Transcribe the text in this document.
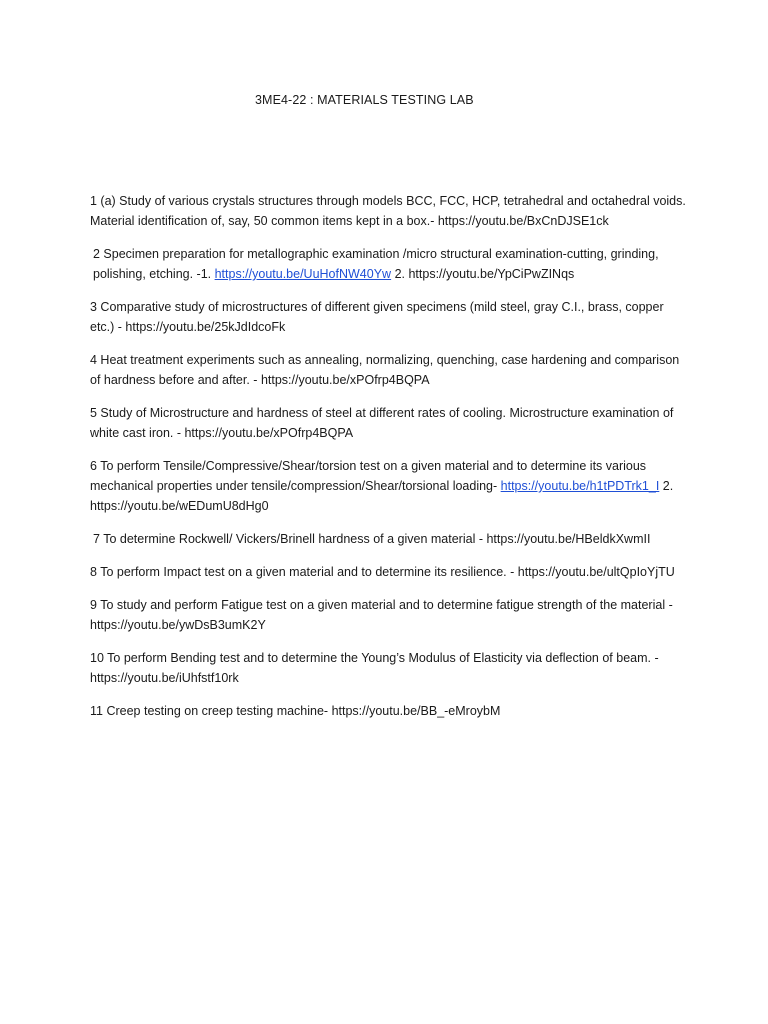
3ME4-22 : MATERIALS TESTING LAB

1 (a) Study of various crystals structures through models BCC, FCC, HCP, tetrahedral and octahedral voids. Material identification of, say, 50 common items kept in a box.- https://youtu.be/BxCnDJSE1ck

2 Specimen preparation for metallographic examination /micro structural examination-cutting, grinding, polishing, etching. -1. https://youtu.be/UuHofNW40Yw 2. https://youtu.be/YpCiPwZINqs

3 Comparative study of microstructures of different given specimens (mild steel, gray C.I., brass, copper etc.) - https://youtu.be/25kJdIdcoFk

4 Heat treatment experiments such as annealing, normalizing, quenching, case hardening and comparison of hardness before and after. - https://youtu.be/xPOfrp4BQPA

5 Study of Microstructure and hardness of steel at different rates of cooling. Microstructure examination of white cast iron. - https://youtu.be/xPOfrp4BQPA

6 To perform Tensile/Compressive/Shear/torsion test on a given material and to determine its various mechanical properties under tensile/compression/Shear/torsional loading- https://youtu.be/h1tPDTrk1_I 2. https://youtu.be/wEDumU8dHg0

7 To determine Rockwell/ Vickers/Brinell hardness of a given material - https://youtu.be/HBeldkXwmII

8 To perform Impact test on a given material and to determine its resilience. - https://youtu.be/ultQpIoYjTU

9 To study and perform Fatigue test on a given material and to determine fatigue strength of the material - https://youtu.be/ywDsB3umK2Y

10 To perform Bending test and to determine the Young’s Modulus of Elasticity via deflection of beam. - https://youtu.be/iUhfstf10rk

11 Creep testing on creep testing machine- https://youtu.be/BB_-eMroybM
